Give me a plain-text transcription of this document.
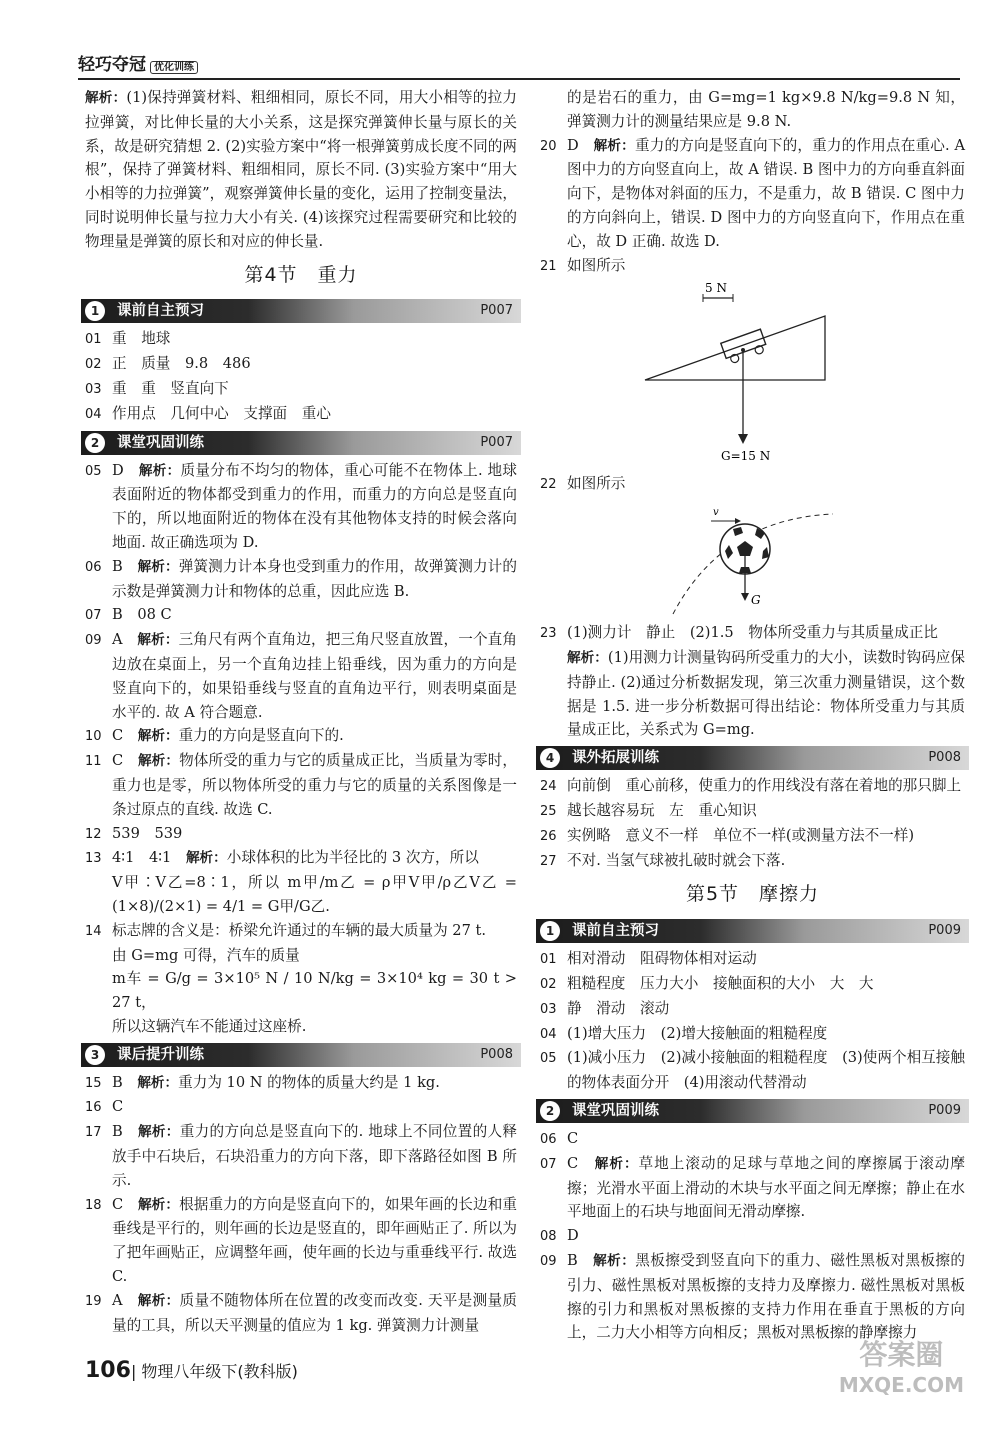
轻巧夺冠 优化训练

解析：(1)保持弹簧材料、粗细相同，原长不同，用大小相等的拉力拉弹簧，对比伸长量的大小关系，这是探究弹簧伸长量与原长的关系，故是研究猜想 2. (2)实验方案中“将一根弹簧剪成长度不同的两根”，保持了弹簧材料、粗细相同，原长不同. (3)实验方案中“用大小相等的力拉弹簧”，观察弹簧伸长量的变化，运用了控制变量法，同时说明伸长量与拉力大小有关. (4)该探究过程需要研究和比较的物理量是弹簧的原长和对应的伸长量.

第4节　重力
1	课前自主预习	P007

01 重　地球

02 正　质量　9.8　486

03 重　重　竖直向下

04 作用点　几何中心　支撑面　重心

2	课堂巩固训练	P007

05 D　 解析：质量分布不均匀的物体，重心可能不在物体上. 地球表面附近的物体都受到重力的作用，而重力的方向总是竖直向下的，所以地面附近的物体在没有其他物体支持的时候会落向地面. 故正确选项为 D.

06 B　 解析：弹簧测力计本身也受到重力的作用，故弹簧测力计的示数是弹簧测力计和物体的总重，因此应选 B.

07 B　08 C

09 A　 解析：三角尺有两个直角边，把三角尺竖直放置，一个直角边放在桌面上，另一个直角边挂上铅垂线，因为重力的方向是竖直向下的，如果铅垂线与竖直的直角边平行，则表明桌面是水平的. 故 A 符合题意.

10 C　 解析：重力的方向是竖直向下的.

11 C　 解析：物体所受的重力与它的质量成正比，当质量为零时，重力也是零，所以物体所受的重力与它的质量的关系图像是一条过原点的直线. 故选 C.

12 539　539

13 4∶1　4∶1　 解析：小球体积的比为半径比的 3 次方，所以

V甲∶V乙=8∶1，所以 m甲/m乙 = ρ甲V甲/ρ乙V乙 = (1×8)/(2×1) = 4/1 = G甲/G乙.

14 标志牌的含义是：桥梁允许通过的车辆的最大质量为 27 t.

由 G=mg 可得，汽车的质量

m车 = G/g = 3×10⁵ N / 10 N/kg = 3×10⁴ kg = 30 t > 27 t，

所以这辆汽车不能通过这座桥.

3	课后提升训练	P008

15 B　 解析：重力为 10 N 的物体的质量大约是 1 kg.

16 C

17 B　 解析：重力的方向总是竖直向下的. 地球上不同位置的人释放手中石块后，石块沿重力的方向下落，即下落路径如图 B 所示.

18 C　 解析：根据重力的方向是竖直向下的，如果年画的长边和重垂线是平行的，则年画的长边是竖直的，即年画贴正了. 所以为了把年画贴正，应调整年画，使年画的长边与重垂线平行. 故选 C.

19 A　 解析：质量不随物体所在位置的改变而改变. 天平是测量质量的工具，所以天平测量的值应为 1 kg. 弹簧测力计测量

的是岩石的重力，由 G=mg=1 kg×9.8 N/kg=9.8 N 知，弹簧测力计的测量结果应是 9.8 N.

20 D　 解析：重力的方向是竖直向下的，重力的作用点在重心. A 图中力的方向竖直向上，故 A 错误. B 图中力的方向垂直斜面向下，是物体对斜面的压力，不是重力，故 B 错误. C 图中力的方向斜向上，错误. D 图中力的方向竖直向下，作用点在重心，故 D 正确. 故选 D.

21 如图所示

5 N
G=15 N

22 如图所示

v
G

23 (1)测力计　静止　(2)1.5　物体所受重力与其质量成正比

解析：(1)用测力计测量钩码所受重力的大小，读数时钩码应保持静止. (2)通过分析数据发现，第三次重力测量错误，这个数据是 1.5. 进一步分析数据可得出结论：物体所受重力与其质量成正比，关系式为 G=mg.

4	课外拓展训练	P008

24 向前倒　重心前移，使重力的作用线没有落在着地的那只脚上

25 越长越容易玩　左　重心知识

26 实例略　意义不一样　单位不一样(或测量方法不一样)

27 不对. 当氢气球被扎破时就会下落.

第5节　摩擦力
1	课前自主预习	P009

01 相对滑动　阻碍物体相对运动

02 粗糙程度　压力大小　接触面积的大小　大　大

03 静　滑动　滚动

04 (1)增大压力　(2)增大接触面的粗糙程度

05 (1)减小压力　(2)减小接触面的粗糙程度　(3)使两个相互接触的物体表面分开　(4)用滚动代替滑动

2	课堂巩固训练	P009

06 C

07 C　 解析：草地上滚动的足球与草地之间的摩擦属于滚动摩擦；光滑水平面上滑动的木块与水平面之间无摩擦；静止在水平地面上的石块与地面间无滑动摩擦.

08 D

09 B　 解析：黑板擦受到竖直向下的重力、磁性黑板对黑板擦的引力、磁性黑板对黑板擦的支持力及摩擦力. 磁性黑板对黑板擦的引力和黑板对黑板擦的支持力作用在垂直于黑板的方向上，二力大小相等方向相反；黑板对黑板擦的静摩擦力

106| 物理八年级下(教科版)
答案圈
MXQE.COM
